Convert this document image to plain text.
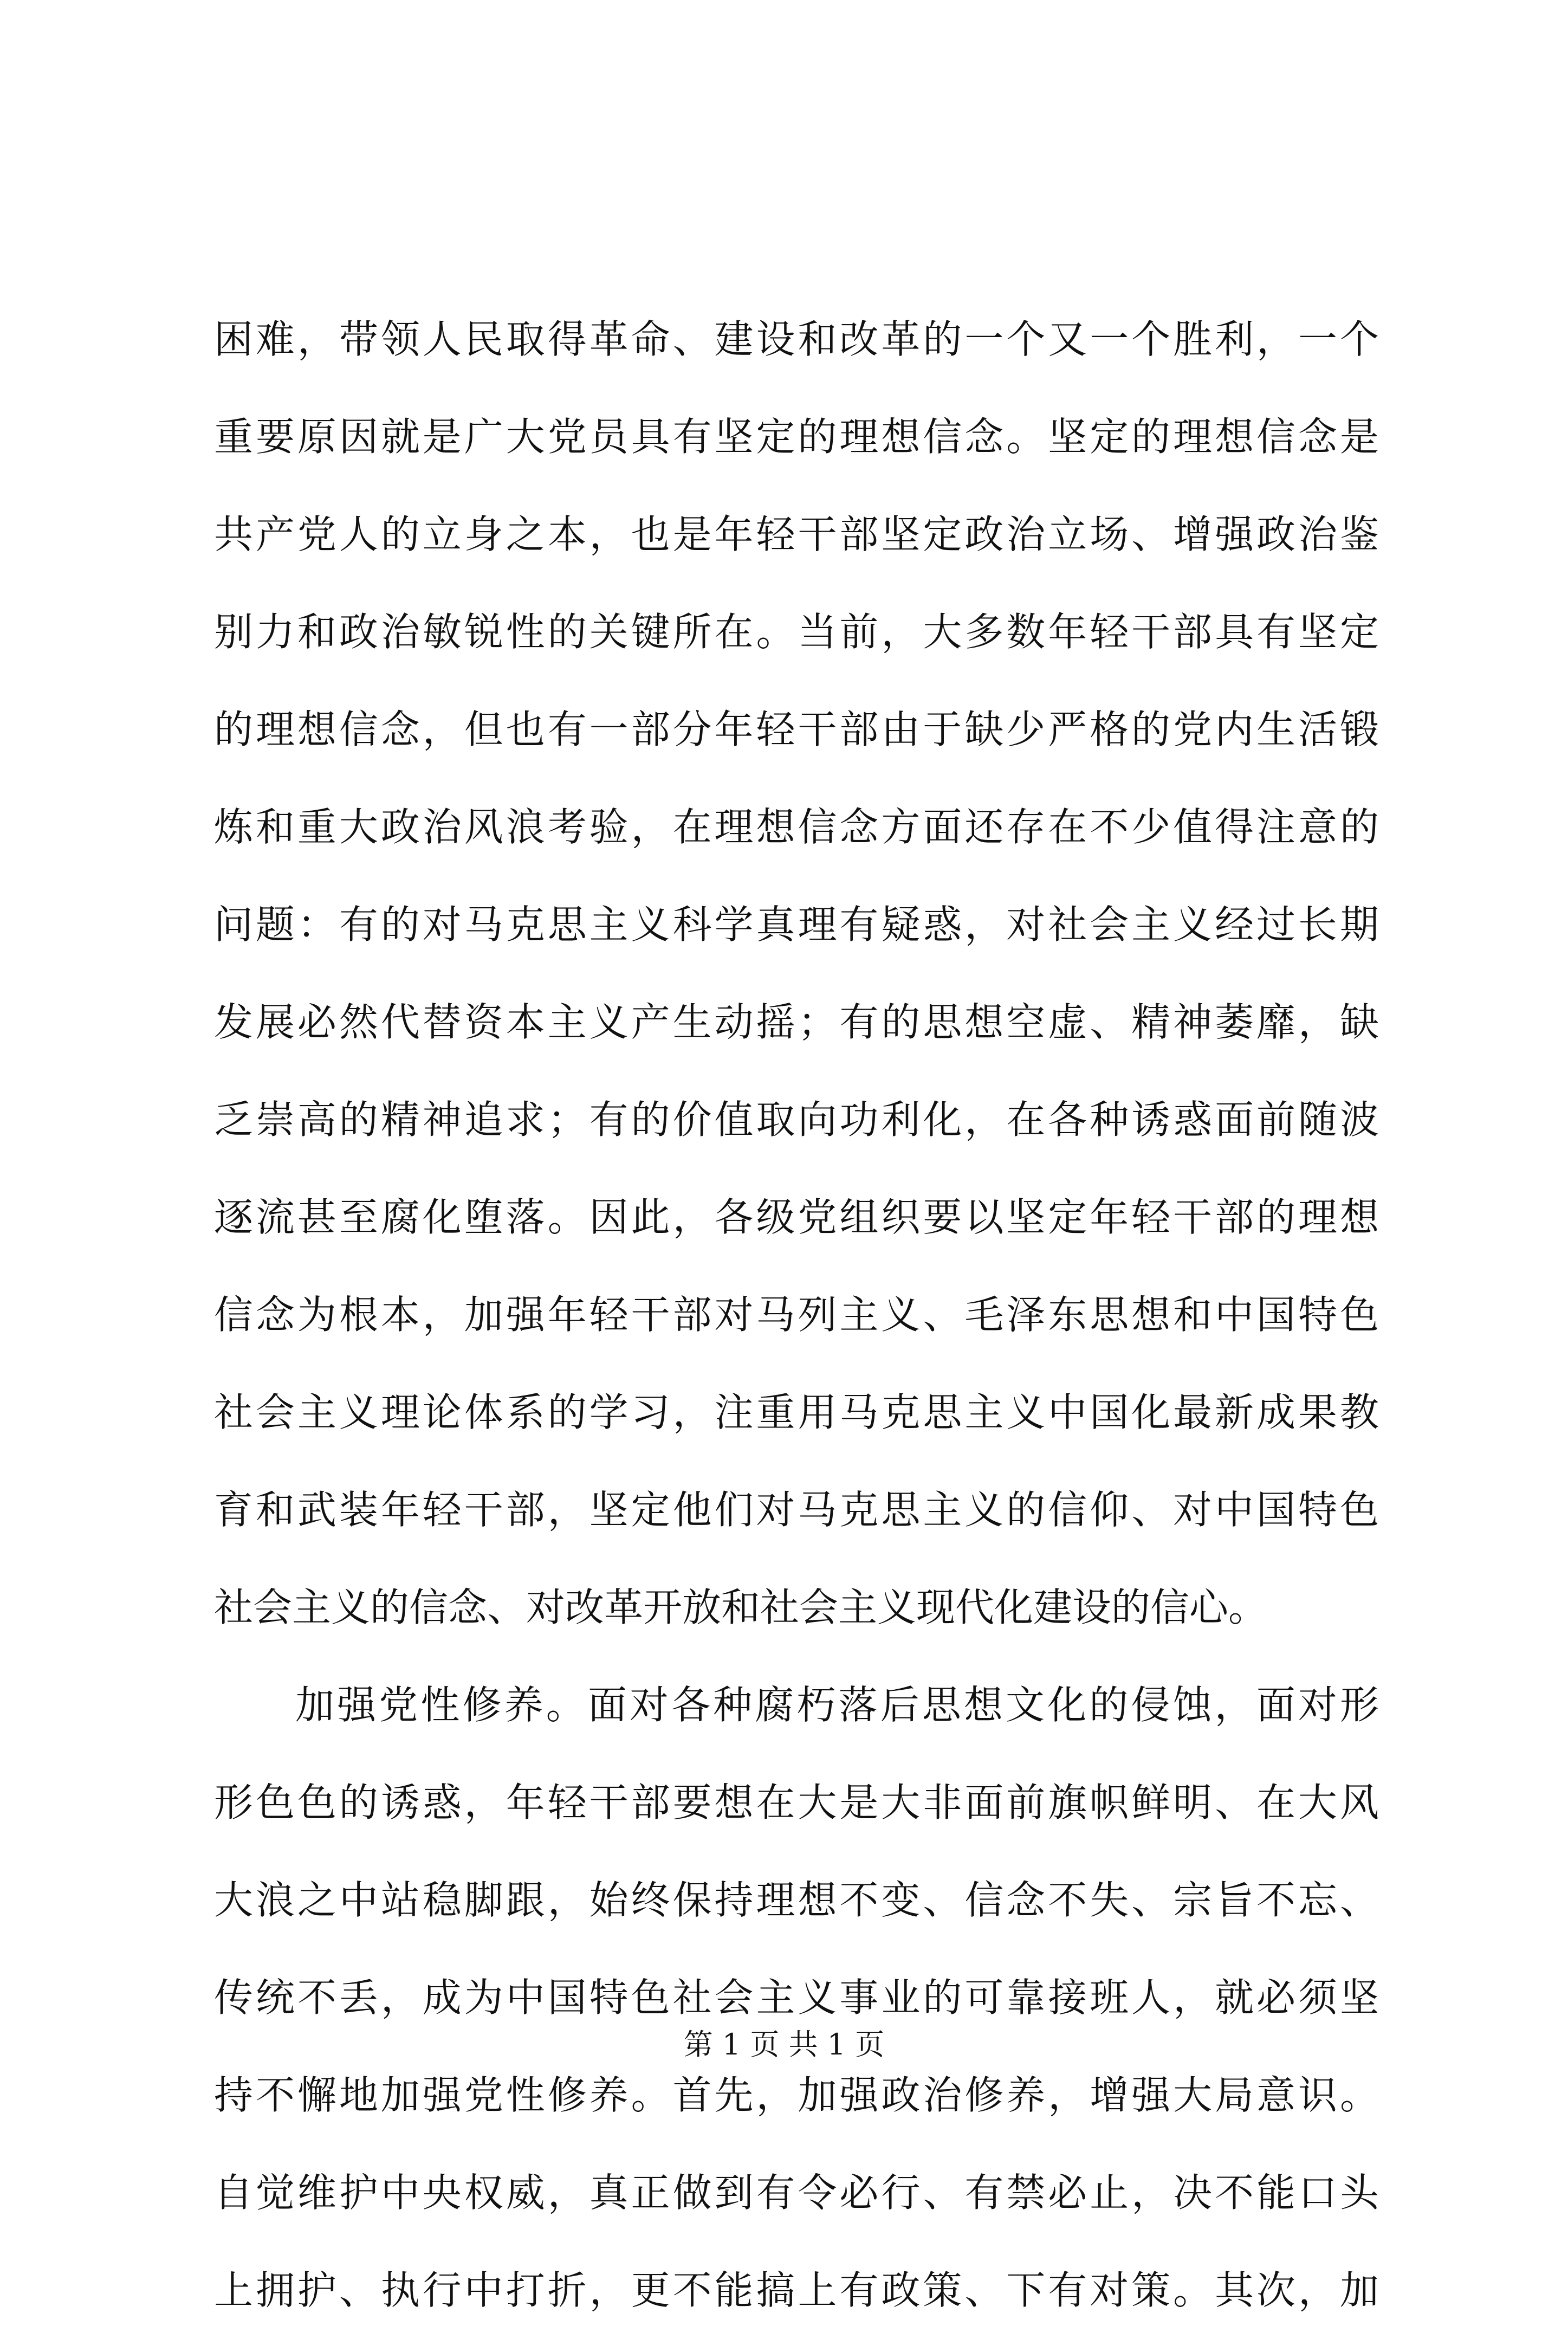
困难，带领人民取得革命、建设和改革的一个又一个胜利，一个
重要原因就是广大党员具有坚定的理想信念。坚定的理想信念是
共产党人的立身之本，也是年轻干部坚定政治立场、增强政治鉴
别力和政治敏锐性的关键所在。当前，大多数年轻干部具有坚定
的理想信念，但也有一部分年轻干部由于缺少严格的党内生活锻
炼和重大政治风浪考验，在理想信念方面还存在不少值得注意的
问题：有的对马克思主义科学真理有疑惑，对社会主义经过长期
发展必然代替资本主义产生动摇；有的思想空虚、精神萎靡，缺
乏崇高的精神追求；有的价值取向功利化，在各种诱惑面前随波
逐流甚至腐化堕落。因此，各级党组织要以坚定年轻干部的理想
信念为根本，加强年轻干部对马列主义、毛泽东思想和中国特色
社会主义理论体系的学习，注重用马克思主义中国化最新成果教
育和武装年轻干部，坚定他们对马克思主义的信仰、对中国特色
社会主义的信念、对改革开放和社会主义现代化建设的信心。
加强党性修养。面对各种腐朽落后思想文化的侵蚀，面对形
形色色的诱惑，年轻干部要想在大是大非面前旗帜鲜明、在大风
大浪之中站稳脚跟，始终保持理想不变、信念不失、宗旨不忘、
传统不丢，成为中国特色社会主义事业的可靠接班人，就必须坚
持不懈地加强党性修养。首先，加强政治修养，增强大局意识。
自觉维护中央权威，真正做到有令必行、有禁必止，决不能口头
上拥护、执行中打折，更不能搞上有政策、下有对策。其次，加
第 1 页 共 1 页
